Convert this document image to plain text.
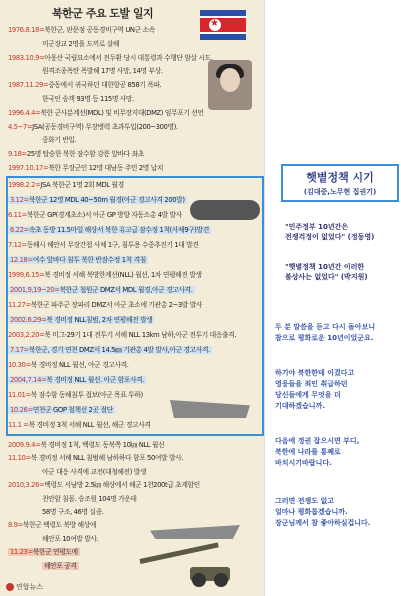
북한군 주요 도발 일지
★
1976.8.18=북한군, 판문점 공동경비구역 UN군 소속
미군장교 2명을 도끼로 살해
1983.10.9=아웅산 국립묘소에서 전두환 당시 대통령과 수행단 암살 시도.
원격조종폭탄 폭발해 17명 사망, 14명 부상.
1987.11.29=중동에서 귀국하던 대한항공 858기 폭파.
한국인 승객 93명 등 115명 사망.
1996.4.4=북한 군사분계선(MDL) 및 비무장지대(DMZ) 임무포기 선언
4.5~7=JSA(공동경비구역) 무장병력 초과투입(200~300명).
중화기 반입.
9.18=25명 탑승한 북한 잠수함 강릉 앞바다 좌초
1997.10.17=북한 무장군인 12명 대남동 주민 2명 납치
1998.2.2=JSA 북한군 1명 2회 MDL 월경
3.12=북한군 12명 MDL 40~50m 월경(아군 경고사격 200발)
6.11=북한군 GP(경계초소)서 아군 GP 방향 자동소총 4발 발사
6.22=속초 동방 11.5마일 해상서 북한 유고급 잠수정 1척(사체9구)발견
7.12=동해시 해안서 무장간첩 사체 1구, 침투용 수중추진기 1대 발견
12.18=여수 앞바다 침투 북한 반잠수정 1척 격침
1999,6.15=북 경비정 서해 북방한계선(NLL) 월선, 1차 연평해전 발생
2001,9,19~20=북한군 철원군 DMZ서 MDL 월경,아군 경고사격.
11.27=북한군 파주군 장파리 DMZ서 아군 초소에 기관총 2~3발 발사
2002.6.29=북 경비정 NLL침범, 2차 연평해전 발생
2003,2.20=북 미그-29기 1대 전투기 서해 NLL 13km 남하,아군 전투기 대응출격.
7.17=북한군, 경기 연천 DMZ서 14.5㎜ 기관총 4발 발사,아군 경고사격.
10.30=북 경비정 NLL 월선, 아군 경고사격.
2004,7.14=북 경비정 NLL 월선. 아군 함포사격.
11.01=북 잠수함 동해침투 접보(아군 목표 투하)
10.26=연천군 GOP 철책선 2곳 절단
11.1 =북 경비정 3척 서해 NLL 월선, 해군 경고사격
2009.9.4=북 경비정 1척, 백령도 동북쪽 10㎞ NLL 월선
11.10=북 경비정 서해 NLL 침범해 남하하다 함포 50여발 발사.
아군 대응 사격에 교전(대청해전) 발생
2010,3.26=백령도 서남방 2.5㎞ 해상에서 해군 1천200t급 초계함인
천안함 침몰. 승조원 104명 가운데
58명 구조, 46명 실종.
8.9=북한군 백령도 북방 해상에
해안포 10여발 발사.
11.23=북한군 연평도에
해안포 공격
연합뉴스
햇볕정책 시기
(김대중,노무현 집권기)
"민주정부 10년간은
전쟁걱정이 없었다" (정동영)
"햇볕정책 10년간 이러한
불상사는 없었다" (박지원)
두 분 말씀을 듣고 다시 돌아보니
참으로 평화로운 10년이었군요.
하기야 북한한테 이겼다고
영웅들을 죄인 취급하던
당신들에게 무엇을 더
기대하겠습니까.
다음에 정권 잡으시면 부디,
북한에 나라를 통째로
바치시기바랍니다.
그러면 전쟁도 없고
얼마나 평화롭겠습니까.
장군님께서 참 좋아하실겁니다.
